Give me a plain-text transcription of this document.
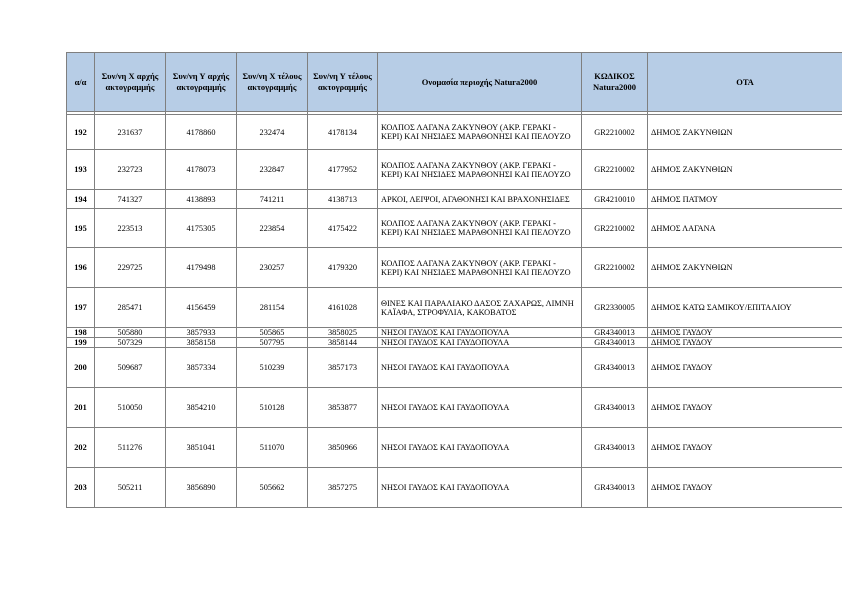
α/α	Συν/νη Χ αρχής ακτογραμμής	Συν/νη Υ αρχής ακτογραμμής	Συν/νη Χ τέλους ακτογραμμής	Συν/νη Υ τέλους ακτογραμμής	Ονομασία περιοχής Natura2000	ΚΩΔΙΚΟΣ Natura2000	ΟΤΑ

192	231637	4178860	232474	4178134	ΚΟΛΠΟΣ ΛΑΓΑΝΑ ΖΑΚΥΝΘΟΥ (ΑΚΡ. ΓΕΡΑΚΙ - ΚΕΡΙ) ΚΑΙ ΝΗΣΙΔΕΣ ΜΑΡΑΘΟΝΗΣΙ ΚΑΙ ΠΕΛΟΥΖΟ	GR2210002	ΔΗΜΟΣ ΖΑΚΥΝΘΙΩΝ
193	232723	4178073	232847	4177952	ΚΟΛΠΟΣ ΛΑΓΑΝΑ ΖΑΚΥΝΘΟΥ (ΑΚΡ. ΓΕΡΑΚΙ - ΚΕΡΙ) ΚΑΙ ΝΗΣΙΔΕΣ ΜΑΡΑΘΟΝΗΣΙ ΚΑΙ ΠΕΛΟΥΖΟ	GR2210002	ΔΗΜΟΣ ΖΑΚΥΝΘΙΩΝ
194	741327	4138893	741211	4138713	ΑΡΚΟΙ, ΛΕΙΨΟΙ, ΑΓΑΘΟΝΗΣΙ ΚΑΙ ΒΡΑΧΟΝΗΣΙΔΕΣ	GR4210010	ΔΗΜΟΣ ΠΑΤΜΟΥ
195	223513	4175305	223854	4175422	ΚΟΛΠΟΣ ΛΑΓΑΝΑ ΖΑΚΥΝΘΟΥ (ΑΚΡ. ΓΕΡΑΚΙ - ΚΕΡΙ) ΚΑΙ ΝΗΣΙΔΕΣ ΜΑΡΑΘΟΝΗΣΙ ΚΑΙ ΠΕΛΟΥΖΟ	GR2210002	ΔΗΜΟΣ ΛΑΓΑΝΑ
196	229725	4179498	230257	4179320	ΚΟΛΠΟΣ ΛΑΓΑΝΑ ΖΑΚΥΝΘΟΥ (ΑΚΡ. ΓΕΡΑΚΙ - ΚΕΡΙ) ΚΑΙ ΝΗΣΙΔΕΣ ΜΑΡΑΘΟΝΗΣΙ ΚΑΙ ΠΕΛΟΥΖΟ	GR2210002	ΔΗΜΟΣ ΖΑΚΥΝΘΙΩΝ
197	285471	4156459	281154	4161028	ΘΙΝΕΣ ΚΑΙ ΠΑΡΑΛΙΑΚΟ ΔΑΣΟΣ ΖΑΧΑΡΩΣ, ΛΙΜΝΗ ΚΑΪΑΦΑ, ΣΤΡΟΦΥΛΙΑ, ΚΑΚΟΒΑΤΟΣ	GR2330005	ΔΗΜΟΣ ΚΑΤΩ ΣΑΜΙΚΟΥ/ΕΠΙΤΑΛΙΟΥ
198	505880	3857933	505865	3858025	ΝΗΣΟΙ ΓΑΥΔΟΣ ΚΑΙ ΓΑΥΔΟΠΟΥΛΑ	GR4340013	ΔΗΜΟΣ ΓΑΥΔΟΥ
199	507329	3858158	507795	3858144	ΝΗΣΟΙ ΓΑΥΔΟΣ ΚΑΙ ΓΑΥΔΟΠΟΥΛΑ	GR4340013	ΔΗΜΟΣ ΓΑΥΔΟΥ
200	509687	3857334	510239	3857173	ΝΗΣΟΙ ΓΑΥΔΟΣ ΚΑΙ ΓΑΥΔΟΠΟΥΛΑ	GR4340013	ΔΗΜΟΣ ΓΑΥΔΟΥ
201	510050	3854210	510128	3853877	ΝΗΣΟΙ ΓΑΥΔΟΣ ΚΑΙ ΓΑΥΔΟΠΟΥΛΑ	GR4340013	ΔΗΜΟΣ ΓΑΥΔΟΥ
202	511276	3851041	511070	3850966	ΝΗΣΟΙ ΓΑΥΔΟΣ ΚΑΙ ΓΑΥΔΟΠΟΥΛΑ	GR4340013	ΔΗΜΟΣ ΓΑΥΔΟΥ
203	505211	3856890	505662	3857275	ΝΗΣΟΙ ΓΑΥΔΟΣ ΚΑΙ ΓΑΥΔΟΠΟΥΛΑ	GR4340013	ΔΗΜΟΣ ΓΑΥΔΟΥ
